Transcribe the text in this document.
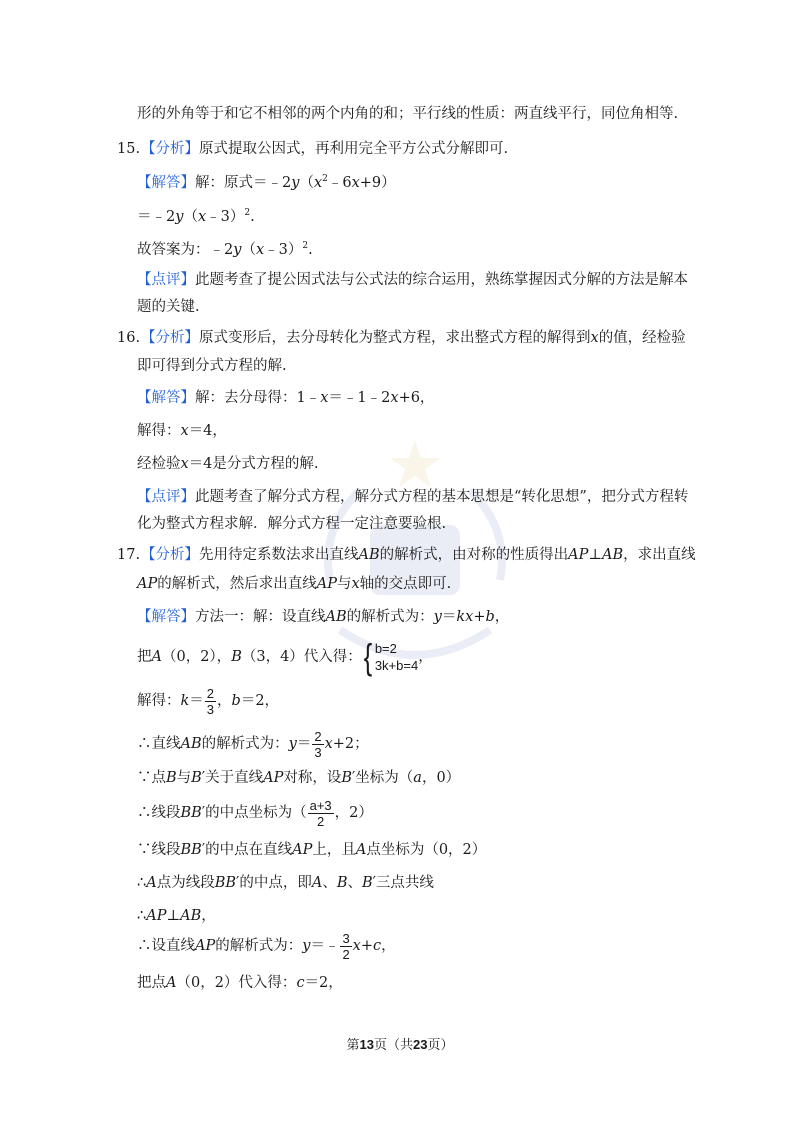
形的外角等于和它不相邻的两个内角的和；平行线的性质：两直线平行，同位角相等.
15.【分析】原式提取公因式，再利用完全平方公式分解即可.
【解答】解：原式$=﹣2y(x^2﹣6x+9)$
＝﹣2y（x﹣3）$^2$.
故答案为：﹣2y（x﹣3）$^2$.
【点评】此题考查了提公因式法与公式法的综合运用，熟练掌握因式分解的方法是解本
题的关键.
16.【分析】原式变形后，去分母转化为整式方程，求出整式方程的解得到x的值，经检验
即可得到分式方程的解.
【解答】解：去分母得：1﹣x＝﹣1﹣2x+6，
解得：x＝4，
经检验x＝4是分式方程的解.
【点评】此题考查了解分式方程，解分式方程的基本思想是“转化思想”，把分式方程转
化为整式方程求解．解分式方程一定注意要验根.
17.【分析】先用待定系数法求出直线AB的解析式，由对称的性质得出AP⊥AB，求出直线
AP的解析式，然后求出直线AP与x轴的交点即可.
【解答】方法一：解：设直线AB的解析式为：y＝kx+b，
把A（0，2），B（3，4）代入得： { b=2
3k+b=4
，
解得：$k= \frac{2}{3}$ ，b＝2，
∴直线AB的解析式为：$y= \frac{2}{3} x+2$；
∵点B与B′关于直线AP对称，设B′坐标为（a，0）
∴线段BB′的中点坐标为（ $\frac{a+3}{2}$ ，2）
∵线段BB′的中点在直线AP上，且A点坐标为（0，2）
∴A点为线段BB′的中点，即A、B、B′三点共线
∴AP⊥AB，
∴设直线AP的解析式为：y＝﹣ $\frac{3}{2} x+c$，
把点A（0，2）代入得：c＝2，
第13页（共23页）
